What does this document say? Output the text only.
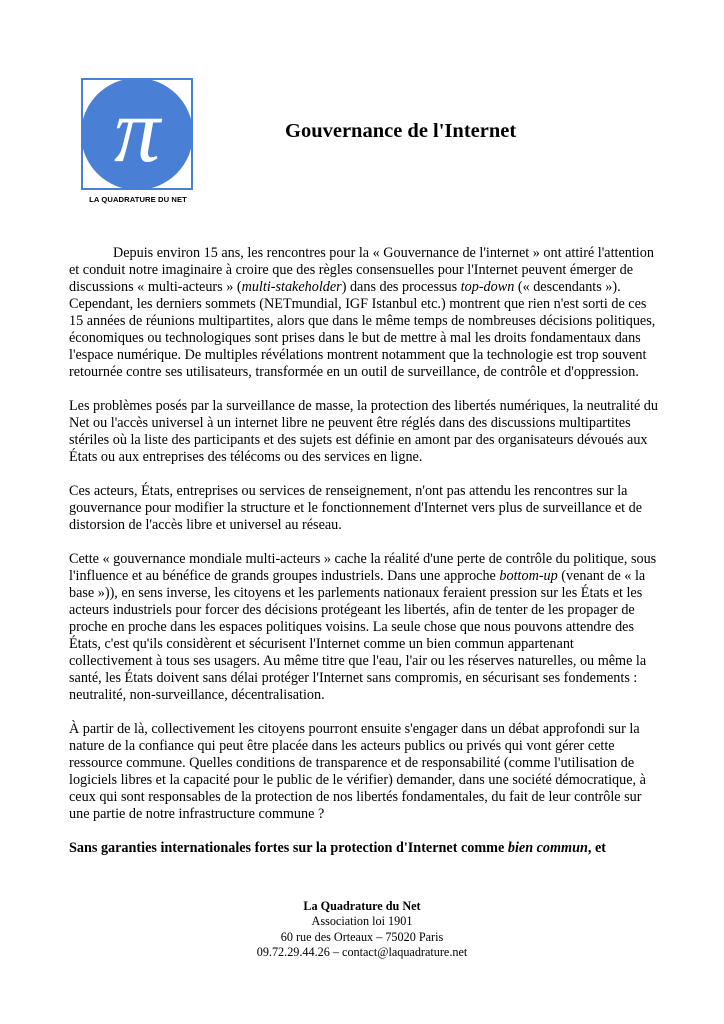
π
LA QUADRATURE DU NET
Gouvernance de l'Internet

Depuis environ 15 ans, les rencontres pour la « Gouvernance de l'internet » ont attiré l'attention et conduit notre imaginaire à croire que des règles consensuelles pour l'Internet peuvent émerger de discussions « multi-acteurs » (multi-stakeholder) dans des processus top-down (« descendants »). Cependant, les derniers sommets (NETmundial, IGF Istanbul etc.) montrent que rien n'est sorti de ces 15 années de réunions multipartites, alors que dans le même temps de nombreuses décisions politiques, économiques ou technologiques sont prises dans le but de mettre à mal les droits fondamentaux dans l'espace numérique. De multiples révélations montrent notamment que la technologie est trop souvent retournée contre ses utilisateurs, transformée en un outil de surveillance, de contrôle et d'oppression.

Les problèmes posés par la surveillance de masse, la protection des libertés numériques, la neutralité du Net ou l'accès universel à un internet libre ne peuvent être réglés dans des discussions multipartites stériles où la liste des participants et des sujets est définie en amont par des organisateurs dévoués aux États ou aux entreprises des télécoms ou des services en ligne.

Ces acteurs, États, entreprises ou services de renseignement, n'ont pas attendu les rencontres sur la gouvernance pour modifier la structure et le fonctionnement d'Internet vers plus de surveillance et de distorsion de l'accès libre et universel au réseau.

Cette « gouvernance mondiale multi-acteurs » cache la réalité d'une perte de contrôle du politique, sous l'influence et au bénéfice de grands groupes industriels. Dans une approche bottom-up (venant de « la base »)), en sens inverse, les citoyens et les parlements nationaux feraient pression sur les États et les acteurs industriels pour forcer des décisions protégeant les libertés, afin de tenter de les propager de proche en proche dans les espaces politiques voisins. La seule chose que nous pouvons attendre des États, c'est qu'ils considèrent et sécurisent l'Internet comme un bien commun appartenant collectivement à tous ses usagers. Au même titre que l'eau, l'air ou les réserves naturelles, ou même la santé, les États doivent sans délai protéger l'Internet sans compromis, en sécurisant ses fondements : neutralité, non-surveillance, décentralisation.

À partir de là, collectivement les citoyens pourront ensuite s'engager dans un débat approfondi sur la nature de la confiance qui peut être placée dans les acteurs publics ou privés qui vont gérer cette ressource commune. Quelles conditions de transparence et de responsabilité (comme l'utilisation de logiciels libres et la capacité pour le public de le vérifier) demander, dans une société démocratique, à ceux qui sont responsables de la protection de nos libertés fondamentales, du fait de leur contrôle sur une partie de notre infrastructure commune ?

Sans garanties internationales fortes sur la protection d'Internet comme bien commun, et

La Quadrature du Net
Association loi 1901
60 rue des Orteaux – 75020 Paris
09.72.29.44.26 – contact@laquadrature.net
